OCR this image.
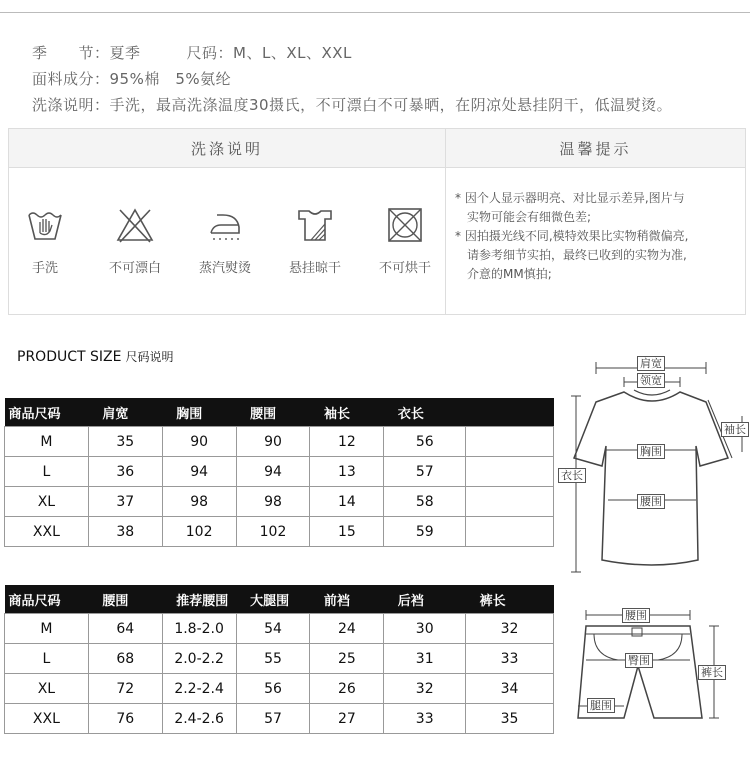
季　　节：夏季	尺码：M、L、XL、XXL
面料成分：95%棉　5%氨纶
洗涤说明：手洗，最高洗涤温度30摄氏，不可漂白不可暴晒，在阴凉处悬挂阴干，低温熨烫。
洗涤说明	温馨提示
手洗	不可漂白	蒸汽熨烫	悬挂晾干	不可烘干
* 因个人显示器明亮、对比显示差异,图片与
　实物可能会有细微色差;
* 因拍摄光线不同,模特效果比实物稍微偏亮,
　请参考细节实拍，最终已收到的实物为准,
　介意的MM慎拍;
PRODUCT SIZE 尺码说明
商品尺码	肩宽	胸围	腰围	袖长	衣长	
M	35	90	90	12	56	
L	36	94	94	13	57	
XL	37	98	98	14	58	
XXL	38	102	102	15	59	
商品尺码	腰围	推荐腰围	大腿围	前裆	后裆	裤长
M	64	1.8-2.0	54	24	30	32
L	68	2.0-2.2	55	25	31	33
XL	72	2.2-2.4	56	26	32	34
XXL	76	2.4-2.6	57	27	33	35
肩宽
领宽
袖长
胸围
衣长
腰围
腰围
臀围
裤长
腿围
